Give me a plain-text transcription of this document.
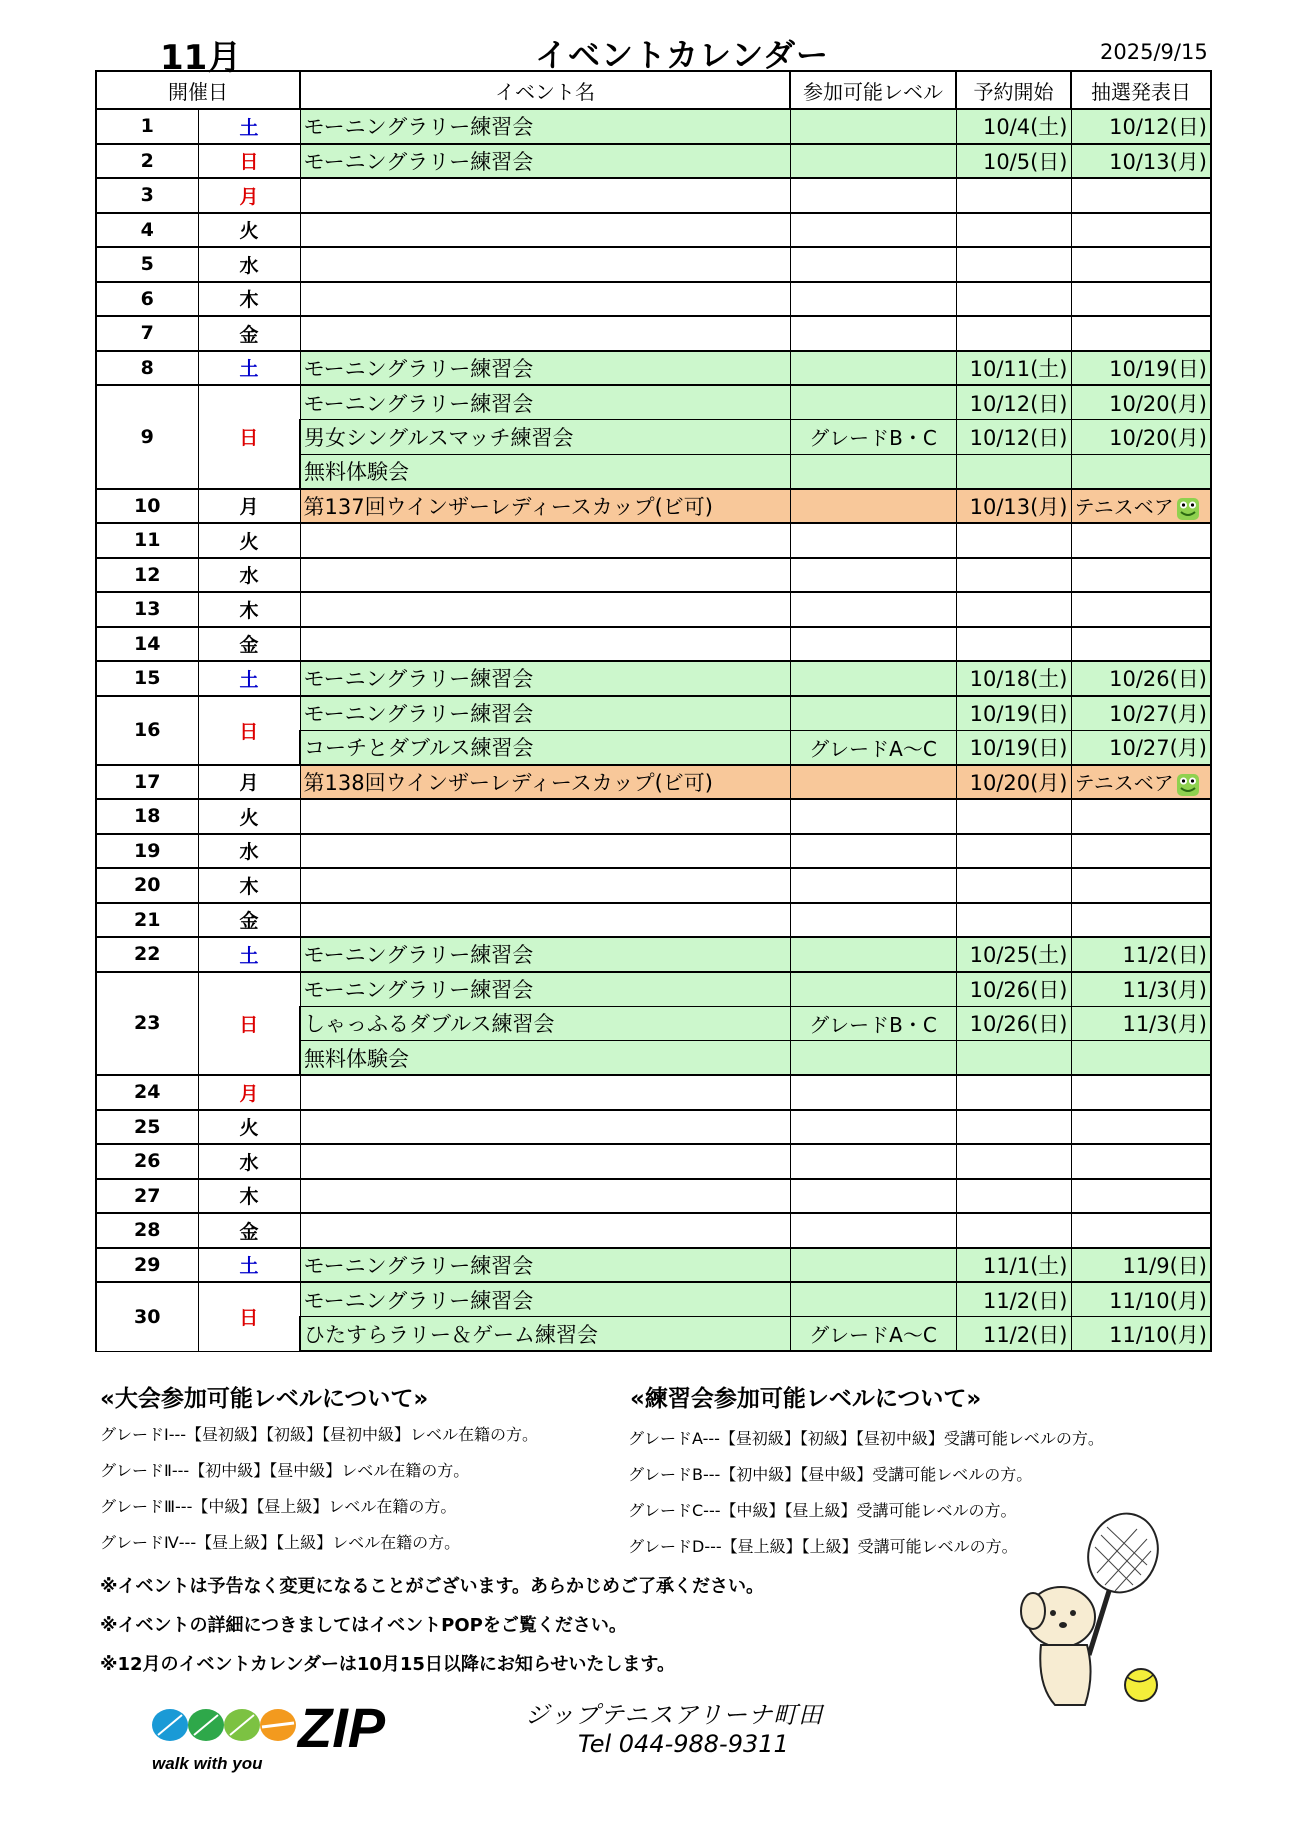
11月	イベントカレンダー	2025/9/15
開催日		イベント名	参加可能レベル	予約開始	抽選発表日
1	土	モーニングラリー練習会		10/4(土)	10/12(日)
2	日	モーニングラリー練習会		10/5(日)	10/13(月)
3	月				
4	火				
5	水				
6	木				
7	金				
8	土	モーニングラリー練習会		10/11(土)	10/19(日)
9	日	モーニングラリー練習会		10/12(日)	10/20(月)
		男女シングルスマッチ練習会	グレードB・C	10/12(日)	10/20(月)
		無料体験会			
10	月	第137回ウインザーレディースカップ(ビ可)		10/13(月)	テニスベア
11	火				
12	水				
13	木				
14	金				
15	土	モーニングラリー練習会		10/18(土)	10/26(日)
16	日	モーニングラリー練習会		10/19(日)	10/27(月)
		コーチとダブルス練習会	グレードA～C	10/19(日)	10/27(月)
17	月	第138回ウインザーレディースカップ(ビ可)		10/20(月)	テニスベア
18	火				
19	水				
20	木				
21	金				
22	土	モーニングラリー練習会		10/25(土)	11/2(日)
23	日	モーニングラリー練習会		10/26(日)	11/3(月)
		しゃっふるダブルス練習会	グレードB・C	10/26(日)	11/3(月)
		無料体験会			
24	月				
25	火				
26	水				
27	木				
28	金				
29	土	モーニングラリー練習会		11/1(土)	11/9(日)
30	日	モーニングラリー練習会		11/2(日)	11/10(月)
		ひたすらラリー＆ゲーム練習会	グレードA～C	11/2(日)	11/10(月)
«大会参加可能レベルについて»
グレードⅠ---【昼初級】【初級】【昼初中級】レベル在籍の方。
グレードⅡ---【初中級】【昼中級】レベル在籍の方。
グレードⅢ---【中級】【昼上級】レベル在籍の方。
グレードⅣ---【昼上級】【上級】レベル在籍の方。
«練習会参加可能レベルについて»
グレードA---【昼初級】【初級】【昼初中級】受講可能レベルの方。
グレードB---【初中級】【昼中級】受講可能レベルの方。
グレードC---【中級】【昼上級】受講可能レベルの方。
グレードD---【昼上級】【上級】受講可能レベルの方。
※イベントは予告なく変更になることがございます。あらかじめご了承ください。
※イベントの詳細につきましてはイベントPOPをご覧ください。
※12月のイベントカレンダーは10月15日以降にお知らせいたします。
ZIP
walk with you
ジップテニスアリーナ町田
Tel 044-988-9311
